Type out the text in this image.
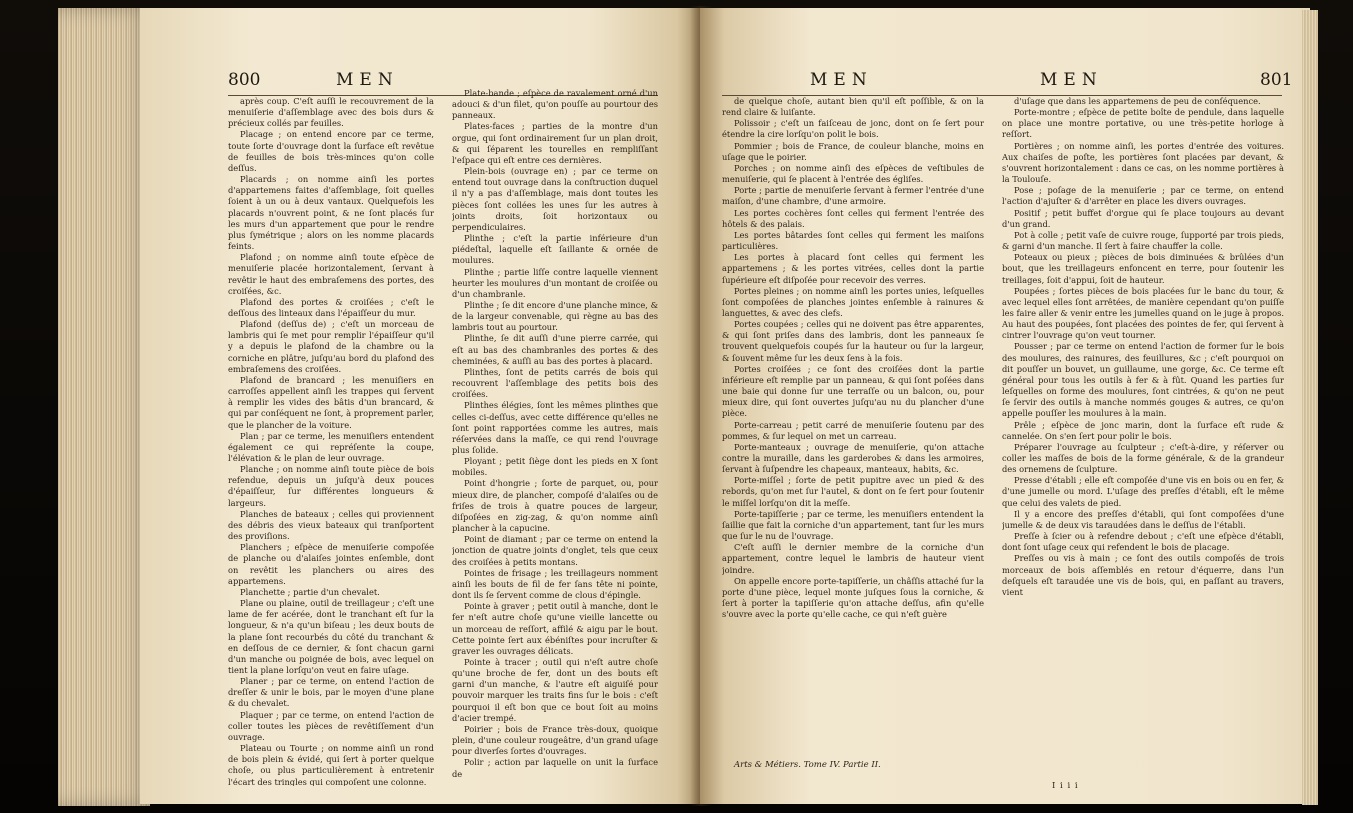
800	MEN

après coup. C'eſt auſſi le recouvrement de la menuiſerie d'aſſemblage avec des bois durs & précieux collés par feuilles.

Placage ; on entend encore par ce terme, toute ſorte d'ouvrage dont la ſurface eſt revêtue de feuilles de bois très-minces qu'on colle deſſus.

Placards ; on nomme ainſi les portes d'appartemens faites d'aſſemblage, ſoit quelles ſoient à un ou à deux vantaux. Quelquefois les placards n'ouvrent point, & ne ſont placés ſur les murs d'un appartement que pour le rendre plus ſymétrique ; alors on les nomme placards feints.

Plafond ; on nomme ainſi toute eſpèce de menuiſerie placée horizontalement, ſervant à revêtir le haut des embraſemens des portes, des croiſées, &c.

Plafond des portes & croiſées ; c'eſt le deſſous des linteaux dans l'épaiſſeur du mur.

Plafond (deſſus de) ; c'eſt un morceau de lambris qui ſe met pour remplir l'épaiſſeur qu'il y a depuis le plafond de la chambre ou la corniche en plâtre, juſqu'au bord du plafond des embraſemens des croiſées.

Plafond de brancard ; les menuiſiers en carroſſes appellent ainſi les trappes qui ſervent à remplir les vides des bâtis d'un brancard, & qui par conſéquent ne ſont, à proprement parler, que le plancher de la voiture.

Plan ; par ce terme, les menuiſiers entendent également ce qui repréſente la coupe, l'élévation & le plan de leur ouvrage.

Planche ; on nomme ainſi toute pièce de bois refendue, depuis un juſqu'à deux pouces d'épaiſſeur, ſur différentes longueurs & largeurs.

Planches de bateaux ; celles qui proviennent des débris des vieux bateaux qui tranſportent des proviſions.

Planchers ; eſpèce de menuiſerie compoſée de planche ou d'alaiſes jointes enſemble, dont on revêtit les planchers ou aires des appartemens.

Planchette ; partie d'un chevalet.

Plane ou plaine, outil de treillageur ; c'eſt une lame de fer acérée, dont le tranchant eſt ſur la longueur, & n'a qu'un biſeau ; les deux bouts de la plane ſont recourbés du côté du tranchant & en deſſous de ce dernier, & ſont chacun garni d'un manche ou poignée de bois, avec lequel on tient la plane lorſqu'on veut en faire uſage.

Planer ; par ce terme, on entend l'action de dreſſer & unir le bois, par le moyen d'une plane & du chevalet.

Plaquer ; par ce terme, on entend l'action de coller toutes les pièces de revêtiſſement d'un ouvrage.

Plateau ou Tourte ; on nomme ainſi un rond de bois plein & évidé, qui ſert à porter quelque choſe, ou plus particulièrement à entretenir l'écart des tringles qui compoſent une colonne.

Plate-bande ; eſpèce de ravalement orné d'un adouci & d'un filet, qu'on pouſſe au pourtour des panneaux.

Plates-faces ; parties de la montre d'un orgue, qui ſont ordinairement ſur un plan droit, & qui ſéparent les tourelles en rempliſſant l'eſpace qui eſt entre ces dernières.

Plein-bois (ouvrage en) ; par ce terme on entend tout ouvrage dans la conſtruction duquel il n'y a pas d'aſſemblage, mais dont toutes les pièces ſont collées les unes ſur les autres à joints droits, ſoit horizontaux ou perpendiculaires.

Plinthe ; c'eſt la partie inférieure d'un piédeſtal, laquelle eſt ſaillante & ornée de moulures.

Plinthe ; partie liſſe contre laquelle viennent heurter les moulures d'un montant de croiſée ou d'un chambranle.

Plinthe ; ſe dit encore d'une planche mince, & de la largeur convenable, qui règne au bas des lambris tout au pourtour.

Plinthe, ſe dit auſſi d'une pierre carrée, qui eſt au bas des chambranles des portes & des cheminées, & auſſi au bas des portes à placard.

Plinthes, ſont de petits carrés de bois qui recouvrent l'aſſemblage des petits bois des croiſées.

Plinthes élégies, ſont les mêmes plinthes que celles ci-deſſus, avec cette différence qu'elles ne ſont point rapportées comme les autres, mais réſervées dans la maſſe, ce qui rend l'ouvrage plus ſolide.

Ployant ; petit ſiège dont les pieds en X ſont mobiles.

Point d'hongrie ; ſorte de parquet, ou, pour mieux dire, de plancher, compoſé d'alaiſes ou de friſes de trois à quatre pouces de largeur, diſpoſées en zig-zag, & qu'on nomme ainſi plancher à la capucine.

Point de diamant ; par ce terme on entend la jonction de quatre joints d'onglet, tels que ceux des croiſées à petits montans.

Pointes de frisage ; les treillageurs nomment ainſi les bouts de fil de fer ſans tête ni pointe, dont ils ſe ſervent comme de clous d'épingle.

Pointe à graver ; petit outil à manche, dont le fer n'eſt autre choſe qu'une vieille lancette ou un morceau de reſſort, affilé & aigu par le bout. Cette pointe ſert aux ébéniſtes pour incruſter & graver les ouvrages délicats.

Pointe à tracer ; outil qui n'eſt autre choſe qu'une broche de fer, dont un des bouts eſt garni d'un manche, & l'autre eſt aiguiſé pour pouvoir marquer les traits fins ſur le bois : c'eſt pourquoi il eſt bon que ce bout ſoit au moins d'acier trempé.

Poirier ; bois de France très-doux, quoique plein, d'une couleur rougeâtre, d'un grand uſage pour diverſes ſortes d'ouvrages.

Polir ; action par laquelle on unit la ſurface de

MEN	MEN	801

de quelque choſe, autant bien qu'il eſt poſſible, & on la rend claire & luiſante.

Polissoir ; c'eſt un faiſceau de jonc, dont on ſe ſert pour étendre la cire lorſqu'on polit le bois.

Pommier ; bois de France, de couleur blanche, moins en uſage que le poirier.

Porches ; on nomme ainſi des eſpèces de veſtibules de menuiſerie, qui ſe placent à l'entrée des égliſes.

Porte ; partie de menuiſerie ſervant à fermer l'entrée d'une maiſon, d'une chambre, d'une armoire.

Les portes cochères ſont celles qui ferment l'entrée des hôtels & des palais.

Les portes bâtardes ſont celles qui ferment les maiſons particulières.

Les portes à placard ſont celles qui ferment les appartemens ; & les portes vitrées, celles dont la partie ſupérieure eſt diſpoſée pour recevoir des verres.

Portes pleines ; on nomme ainſi les portes unies, leſquelles ſont compoſées de planches jointes enſemble à rainures & languettes, & avec des clefs.

Portes coupées ; celles qui ne doivent pas être apparentes, & qui ſont priſes dans des lambris, dont les panneaux ſe trouvent quelquefois coupés ſur la hauteur ou ſur la largeur, & ſouvent même ſur les deux ſens à la fois.

Portes croiſées ; ce ſont des croiſées dont la partie inférieure eſt remplie par un panneau, & qui ſont poſées dans une baie qui donne ſur une terraſſe ou un balcon, ou, pour mieux dire, qui ſont ouvertes juſqu'au nu du plancher d'une pièce.

Porte-carreau ; petit carré de menuiſerie ſoutenu par des pommes, & ſur lequel on met un carreau.

Porte-manteaux ; ouvrage de menuiſerie, qu'on attache contre la muraille, dans les garderobes & dans les armoires, ſervant à ſuſpendre les chapeaux, manteaux, habits, &c.

Porte-miſſel ; ſorte de petit pupitre avec un pied & des rebords, qu'on met ſur l'autel, & dont on ſe ſert pour ſoutenir le miſſel lorſqu'on dit la meſſe.

Porte-tapiſſerie ; par ce terme, les menuiſiers entendent la ſaillie que fait la corniche d'un appartement, tant ſur les murs que ſur le nu de l'ouvrage.

C'eſt auſſi le dernier membre de la corniche d'un appartement, contre lequel le lambris de hauteur vient joindre.

On appelle encore porte-tapiſſerie, un châſſis attaché ſur la porte d'une pièce, lequel monte juſques ſous la corniche, & ſert à porter la tapiſſerie qu'on attache deſſus, afin qu'elle s'ouvre avec la porte qu'elle cache, ce qui n'eſt guère

d'uſage que dans les appartemens de peu de conſéquence.

Porte-montre ; eſpèce de petite boîte de pendule, dans laquelle on place une montre portative, ou une très-petite horloge à reſſort.

Portières ; on nomme ainſi, les portes d'entrée des voitures. Aux chaiſes de poſte, les portières ſont placées par devant, & s'ouvrent horizontalement : dans ce cas, on les nomme portières à la Toulouſe.

Pose ; poſage de la menuiſerie ; par ce terme, on entend l'action d'ajuſter & d'arrêter en place les divers ouvrages.

Positif ; petit buffet d'orgue qui ſe place toujours au devant d'un grand.

Pot à colle ; petit vaſe de cuivre rouge, ſupporté par trois pieds, & garni d'un manche. Il ſert à faire chauffer la colle.

Poteaux ou pieux ; pièces de bois diminuées & brûlées d'un bout, que les treillageurs enfoncent en terre, pour ſoutenir les treillages, ſoit d'appui, ſoit de hauteur.

Poupées ; ſortes pièces de bois placées ſur le banc du tour, & avec lequel elles ſont arrêtées, de manière cependant qu'on puiſſe les faire aller & venir entre les jumelles quand on le juge à propos. Au haut des poupées, ſont placées des pointes de fer, qui ſervent à cintrer l'ouvrage qu'on veut tourner.

Pousser ; par ce terme on entend l'action de former ſur le bois des moulures, des rainures, des feuillures, &c ; c'eſt pourquoi on dit pouſſer un bouvet, un guillaume, une gorge, &c. Ce terme eſt général pour tous les outils à fer & à fût. Quand les parties ſur leſquelles on forme des moulures, ſont cintrées, & qu'on ne peut ſe ſervir des outils à manche nommés gouges & autres, ce qu'on appelle pouſſer les moulures à la main.

Prêle ; eſpèce de jonc marin, dont la ſurface eſt rude & cannelée. On s'en ſert pour polir le bois.

Préparer l'ouvrage au ſculpteur ; c'eſt-à-dire, y réſerver ou coller les maſſes de bois de la forme générale, & de la grandeur des ornemens de ſculpture.

Presse d'établi ; elle eſt compoſée d'une vis en bois ou en fer, & d'une jumelle ou mord. L'uſage des preſſes d'établi, eſt le même que celui des valets de pied.

Il y a encore des preſſes d'établi, qui ſont compoſées d'une jumelle & de deux vis taraudées dans le deſſus de l'établi.

Preſſe à ſcier ou à refendre debout ; c'eſt une eſpèce d'établi, dont ſont uſage ceux qui refendent le bois de placage.

Preſſes ou vis à main ; ce ſont des outils compoſés de trois morceaux de bois aſſemblés en retour d'équerre, dans l'un deſquels eſt taraudée une vis de bois, qui, en paſſant au travers, vient

Arts & Métiers. Tome IV. Partie II.
I i i i
